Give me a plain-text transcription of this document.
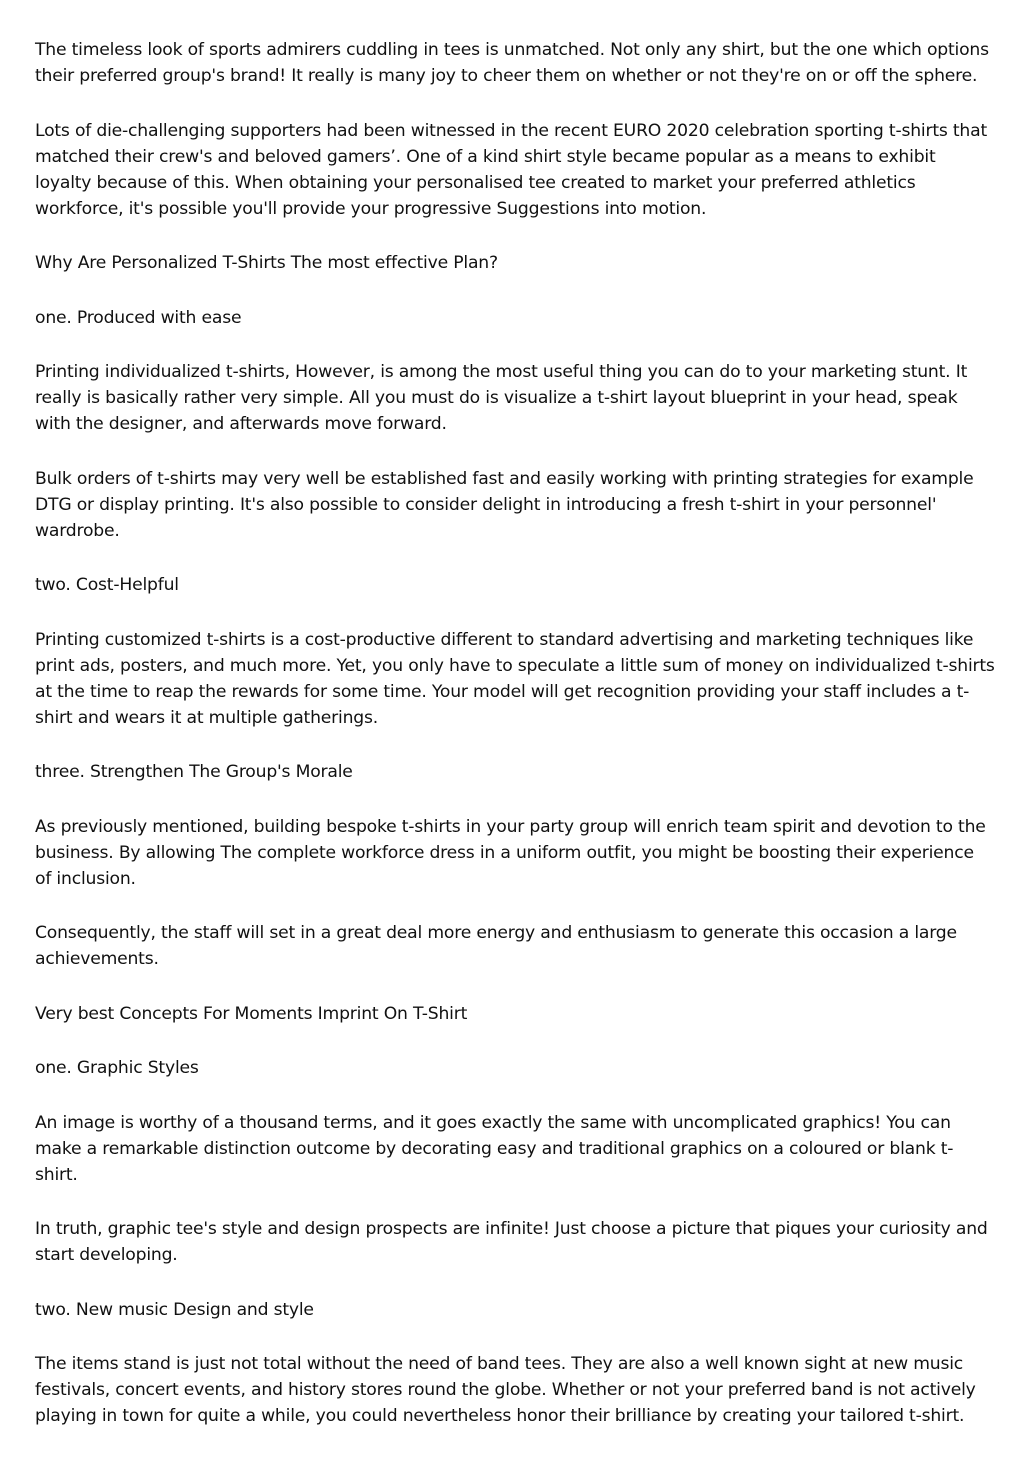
The timeless look of sports admirers cuddling in tees is unmatched. Not only any shirt, but the one which options their preferred group's brand! It really is many joy to cheer them on whether or not they're on or off the sphere.

Lots of die-challenging supporters had been witnessed in the recent EURO 2020 celebration sporting t-shirts that matched their crew's and beloved gamers’. One of a kind shirt style became popular as a means to exhibit loyalty because of this. When obtaining your personalised tee created to market your preferred athletics workforce, it's possible you'll provide your progressive Suggestions into motion.

Why Are Personalized T-Shirts The most effective Plan?

one. Produced with ease

Printing individualized t-shirts, However, is among the most useful thing you can do to your marketing stunt. It really is basically rather very simple. All you must do is visualize a t-shirt layout blueprint in your head, speak with the designer, and afterwards move forward.

Bulk orders of t-shirts may very well be established fast and easily working with printing strategies for example DTG or display printing. It's also possible to consider delight in introducing a fresh t-shirt in your personnel' wardrobe.

two. Cost-Helpful

Printing customized t-shirts is a cost-productive different to standard advertising and marketing techniques like print ads, posters, and much more. Yet, you only have to speculate a little sum of money on individualized t-shirts at the time to reap the rewards for some time. Your model will get recognition providing your staff includes a t-shirt and wears it at multiple gatherings.

three. Strengthen The Group's Morale

As previously mentioned, building bespoke t-shirts in your party group will enrich team spirit and devotion to the business. By allowing The complete workforce dress in a uniform outfit, you might be boosting their experience of inclusion.

Consequently, the staff will set in a great deal more energy and enthusiasm to generate this occasion a large achievements.

Very best Concepts For Moments Imprint On T-Shirt

one. Graphic Styles

An image is worthy of a thousand terms, and it goes exactly the same with uncomplicated graphics! You can make a remarkable distinction outcome by decorating easy and traditional graphics on a coloured or blank t-shirt.

In truth, graphic tee's style and design prospects are infinite! Just choose a picture that piques your curiosity and start developing.

two. New music Design and style

The items stand is just not total without the need of band tees. They are also a well known sight at new music festivals, concert events, and history stores round the globe. Whether or not your preferred band is not actively playing in town for quite a while, you could nevertheless honor their brilliance by creating your tailored t-shirt.
